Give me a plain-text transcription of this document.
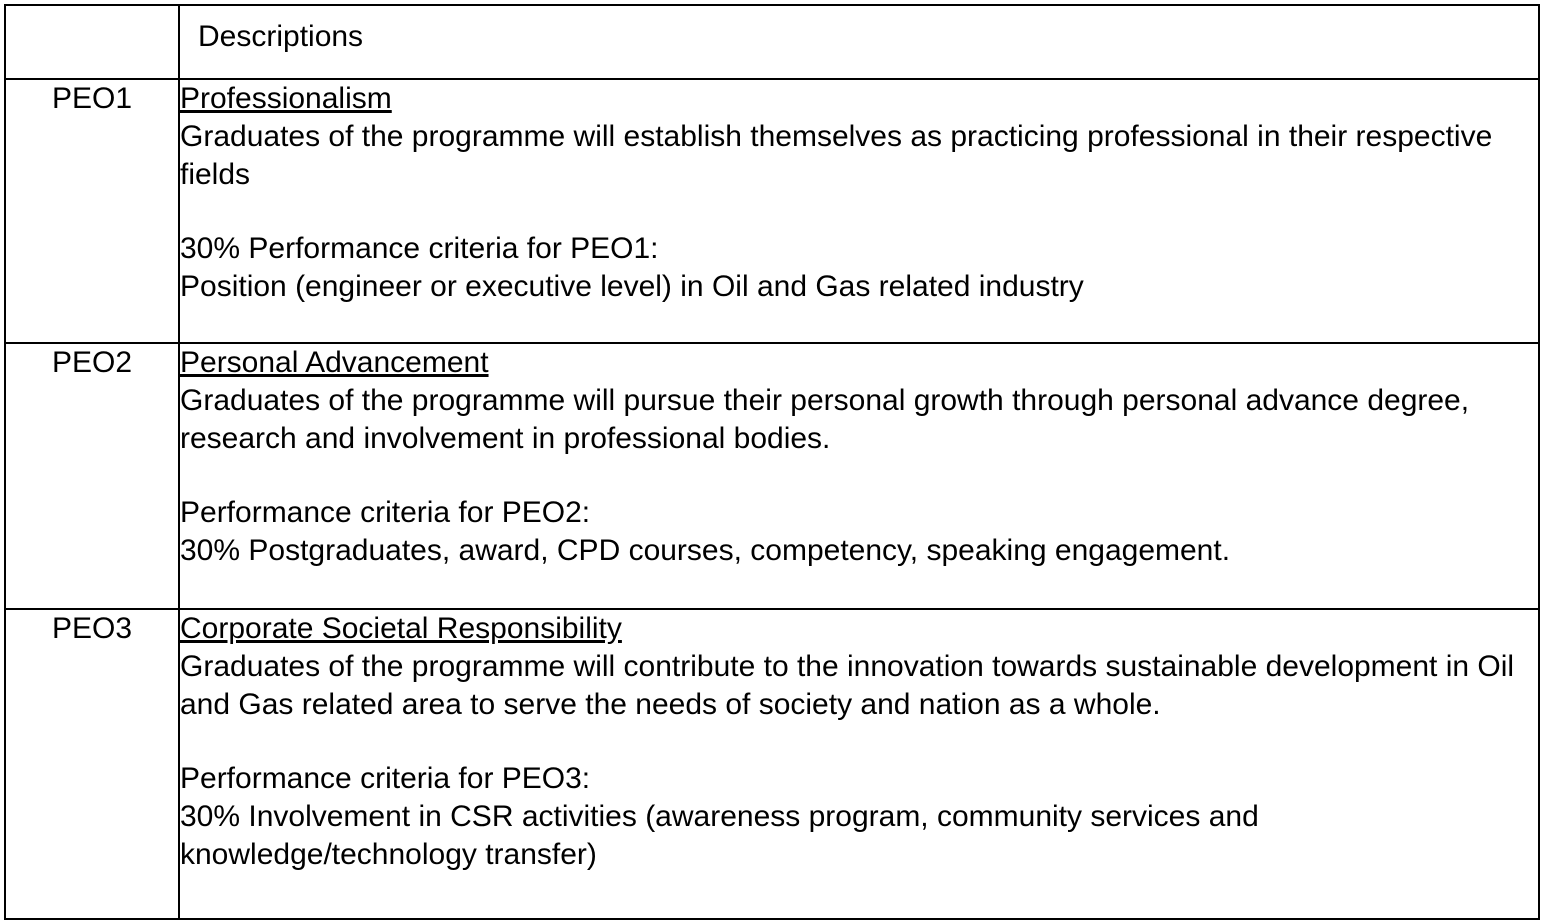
	Descriptions
PEO1	Professionalism
Graduates of the programme will establish themselves as practicing professional in their respective fields
30% Performance criteria for PEO1:
Position (engineer or executive level) in Oil and Gas related industry

PEO2	Personal Advancement
Graduates of the programme will pursue their personal growth through personal advance degree, research and involvement in professional bodies.
Performance criteria for PEO2:
30% Postgraduates, award, CPD courses, competency, speaking engagement.

PEO3	Corporate Societal Responsibility
Graduates of the programme will contribute to the innovation towards sustainable development in Oil and Gas related area to serve the needs of society and nation as a whole.
Performance criteria for PEO3:
30% Involvement in CSR activities (awareness program, community services and knowledge/technology transfer)
